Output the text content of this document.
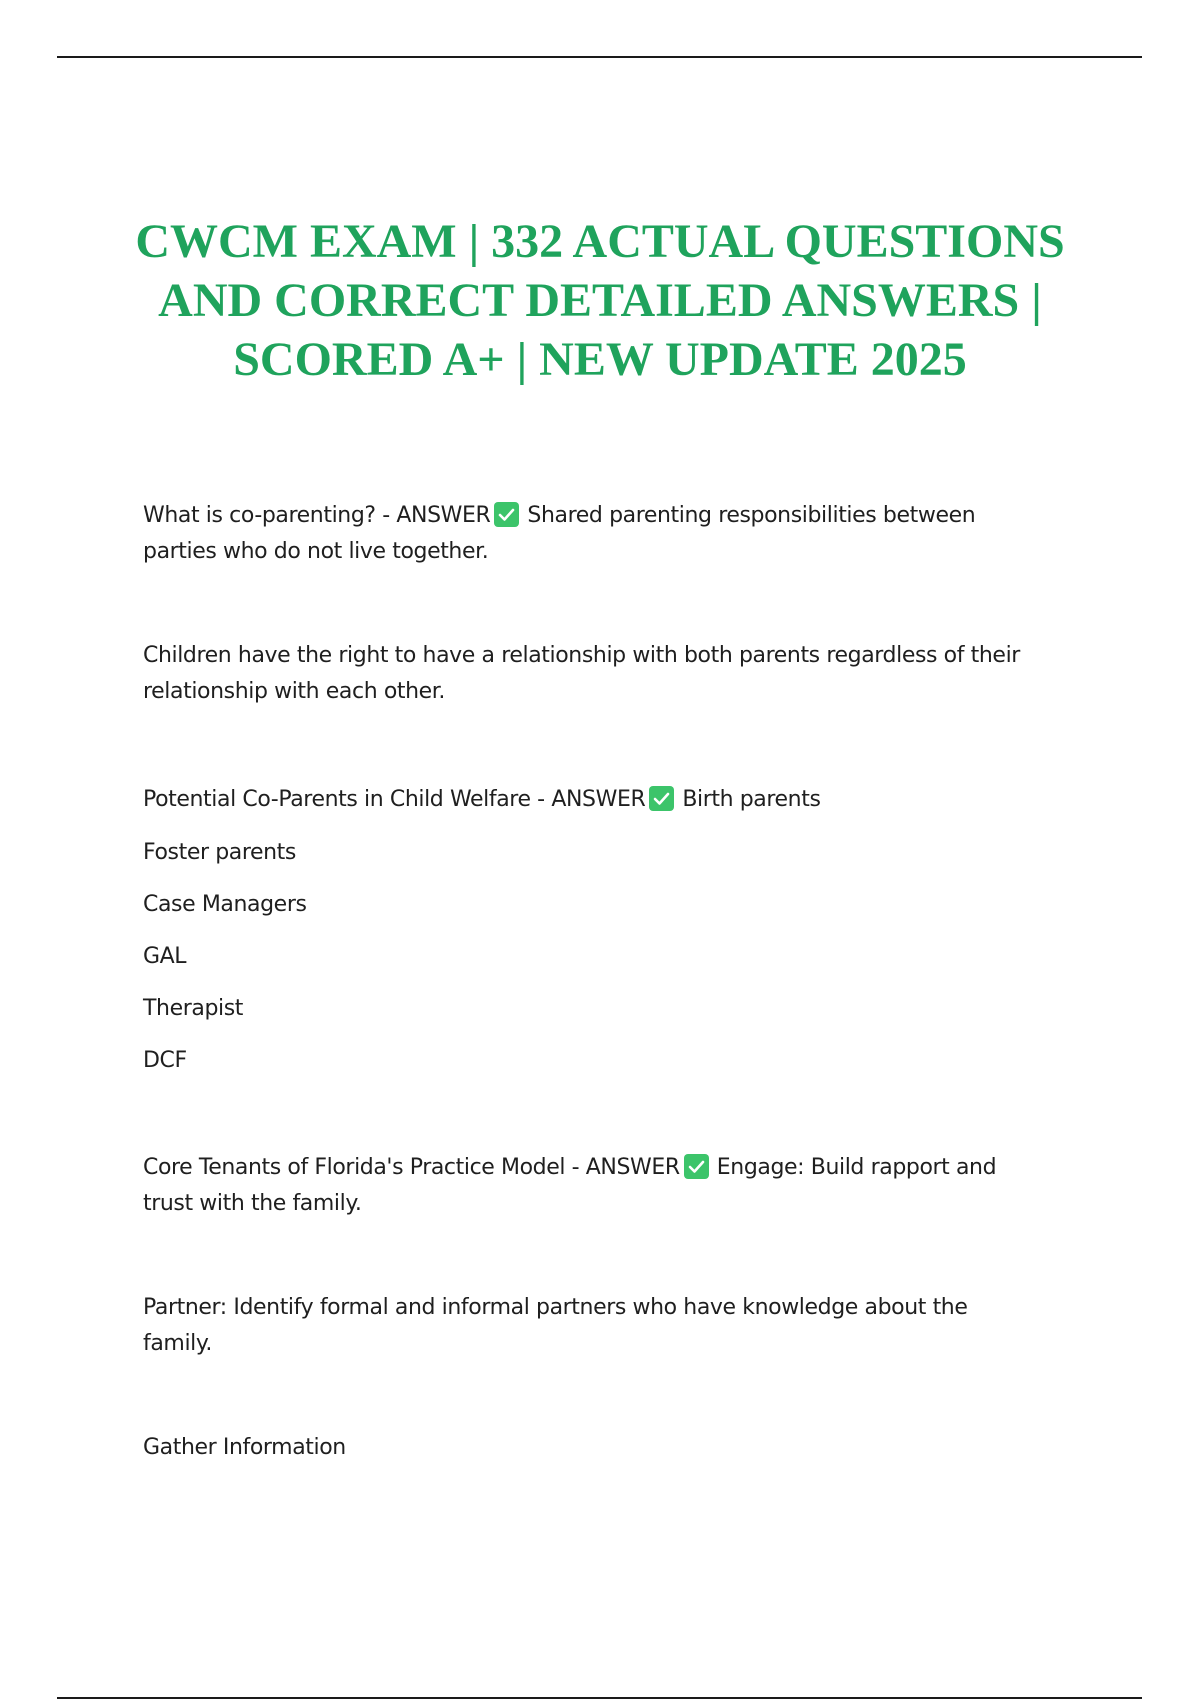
CWCM EXAM | 332 ACTUAL QUESTIONS
AND CORRECT DETAILED ANSWERS |
SCORED A+ | NEW UPDATE 2025

What is co-parenting? - ANSWER Shared parenting responsibilities between
parties who do not live together.

Children have the right to have a relationship with both parents regardless of their
relationship with each other.

Potential Co-Parents in Child Welfare - ANSWER Birth parents

Foster parents

Case Managers

GAL

Therapist

DCF

Core Tenants of Florida's Practice Model - ANSWER Engage: Build rapport and
trust with the family.

Partner: Identify formal and informal partners who have knowledge about the
family.

Gather Information
